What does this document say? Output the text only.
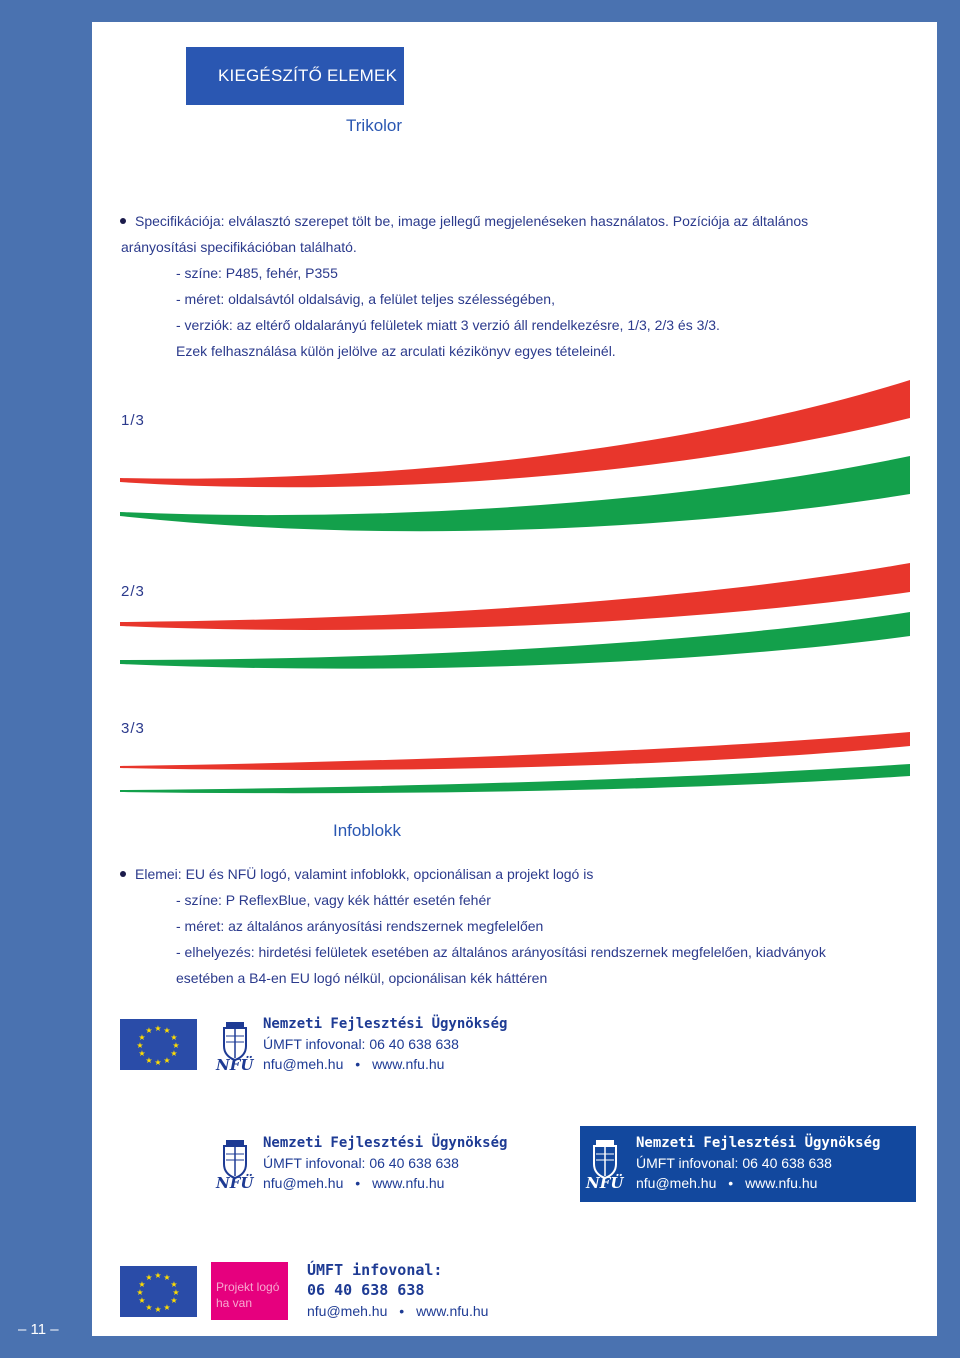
KIEGÉSZÍTŐ ELEMEK
Trikolor
Specifikációja: elválasztó szerepet tölt be, image jellegű megjelenéseken használatos. Pozíciója az általános
arányosítási specifikációban található.
- színe: P485, fehér, P355
- méret: oldalsávtól oldalsávig, a felület teljes szélességében,
- verziók: az eltérő oldalarányú felületek miatt 3 verzió áll rendelkezésre, 1/3, 2/3 és 3/3.
Ezek felhasználása külön jelölve az arculati kézikönyv egyes tételeinél.
1/3
2/3
3/3
Infoblokk
Elemei: EU és NFÜ logó, valamint infoblokk, opcionálisan a projekt logó is
- színe: P ReflexBlue, vagy kék háttér esetén fehér
- méret: az általános arányosítási rendszernek megfelelően
- elhelyezés: hirdetési felületek esetében az általános arányosítási rendszernek megfelelően, kiadványok
esetében a B4-en EU logó nélkül, opcionálisan kék háttéren
★ ★
★
★
★
★
★
★
★
★
★
★
NFÜ
Nemzeti Fejlesztési Ügynökség
ÚMFT infovonal: 06 40 638 638
nfu@meh.hu • www.nfu.hu
NFÜ
Nemzeti Fejlesztési Ügynökség
ÚMFT infovonal: 06 40 638 638
nfu@meh.hu • www.nfu.hu	NFÜ
Nemzeti Fejlesztési Ügynökség
ÚMFT infovonal: 06 40 638 638
nfu@meh.hu • www.nfu.hu
★ ★
★
★
★
★
★
★
★
★
★
★
Projekt logó
ha van
ÚMFT infovonal:
06 40 638 638
nfu@meh.hu • www.nfu.hu
– 11 –
